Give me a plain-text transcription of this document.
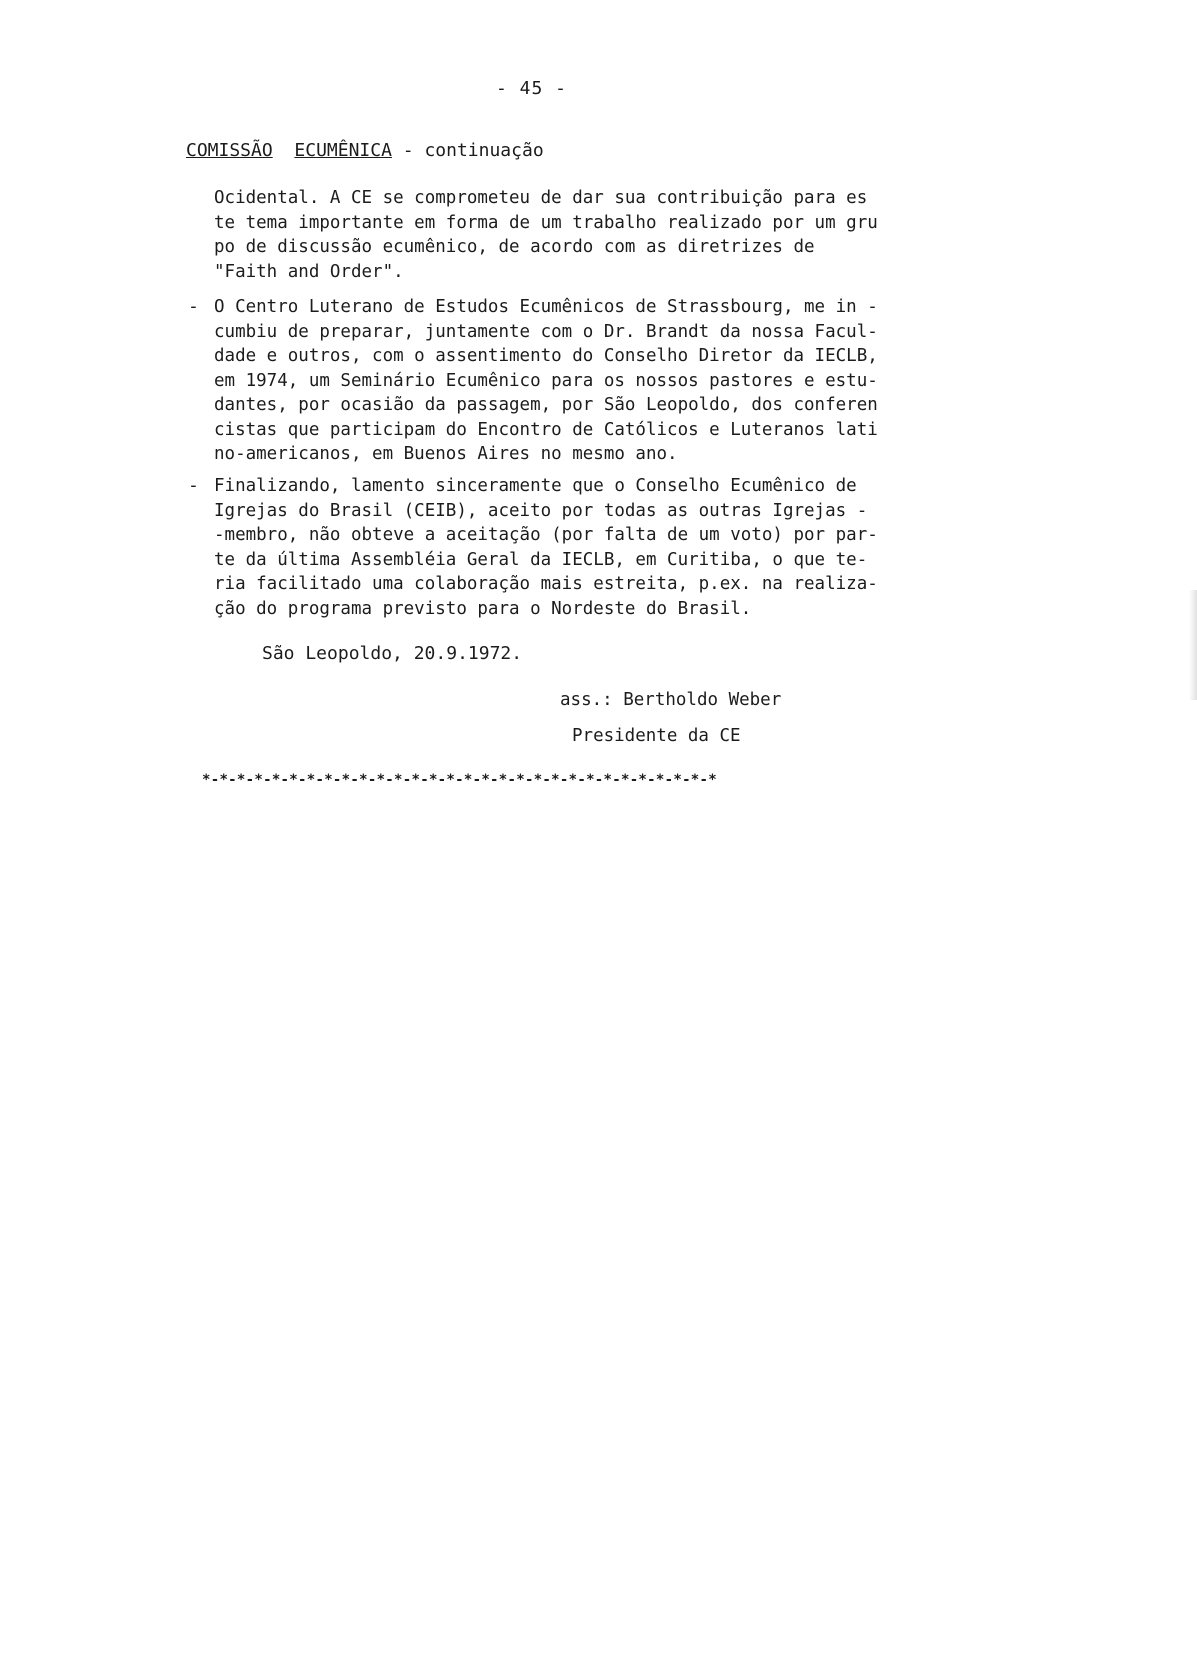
- 45 -
COMISSÃO ECUMÊNICA - continuação

Ocidental. A CE se comprometeu de dar sua contribuição para es
te tema importante em forma de um trabalho realizado por um gru
po de discussão ecumênico, de acordo com as diretrizes de
"Faith and Order".

- O Centro Luterano de Estudos Ecumênicos de Strassbourg, me in -
cumbiu de preparar, juntamente com o Dr. Brandt da nossa Facul-
dade e outros, com o assentimento do Conselho Diretor da IECLB,
em 1974, um Seminário Ecumênico para os nossos pastores e estu-
dantes, por ocasião da passagem, por São Leopoldo, dos conferen
cistas que participam do Encontro de Católicos e Luteranos lati
no-americanos, em Buenos Aires no mesmo ano.

- Finalizando, lamento sinceramente que o Conselho Ecumênico de
Igrejas do Brasil (CEIB), aceito por todas as outras Igrejas -
-membro, não obteve a aceitação (por falta de um voto) por par-
te da última Assembléia Geral da IECLB, em Curitiba, o que te-
ria facilitado uma colaboração mais estreita, p.ex. na realiza-
ção do programa previsto para o Nordeste do Brasil.

São Leopoldo, 20.9.1972.
ass.: Bertholdo Weber
Presidente da CE
*-*-*-*-*-*-*-*-*-*-*-*-*-*-*-*-*-*-*-*-*-*-*-*-*-*-*-*-*-*
